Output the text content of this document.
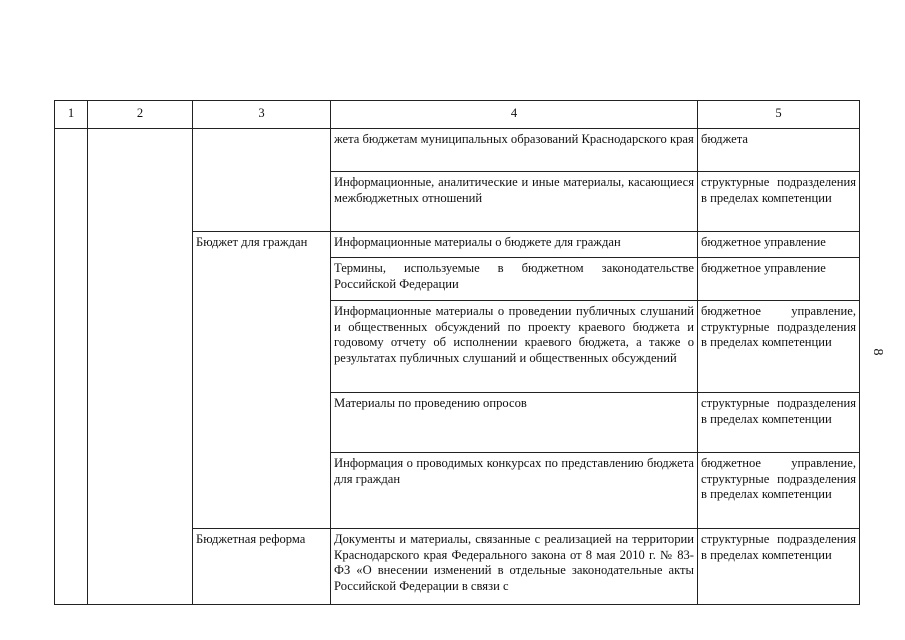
1	2	3	4	5
			жета бюджетам муниципальных образований Краснодарского края	бюджета
			Информационные, аналитические и иные материалы, касающиеся межбюджетных отношений	структурные подразделения в пределах компетенции
		Бюджет для граждан	Информационные материалы о бюджете для граждан	бюджетное управление
			Термины, используемые в бюджетном законодательстве Российской Федерации	бюджетное управление
			Информационные материалы о проведении публичных слушаний и общественных обсуждений по проекту краевого бюджета и годовому отчету об исполнении краевого бюджета, а также о результатах публичных слушаний и общественных обсуждений	бюджетное управление, структурные подразделения в пределах компетенции
			Материалы по проведению опросов	структурные подразделения в пределах компетенции
			Информация о проводимых конкурсах по представлению бюджета для граждан	бюджетное управление, структурные подразделения в пределах компетенции
		Бюджетная реформа	Документы и материалы, связанные с реализацией на территории Краснодарского края Федерального закона от 8 мая 2010 г. № 83-ФЗ «О внесении изменений в отдельные законодательные акты Российской Федерации в связи с	структурные подразделения в пределах компетенции
8
